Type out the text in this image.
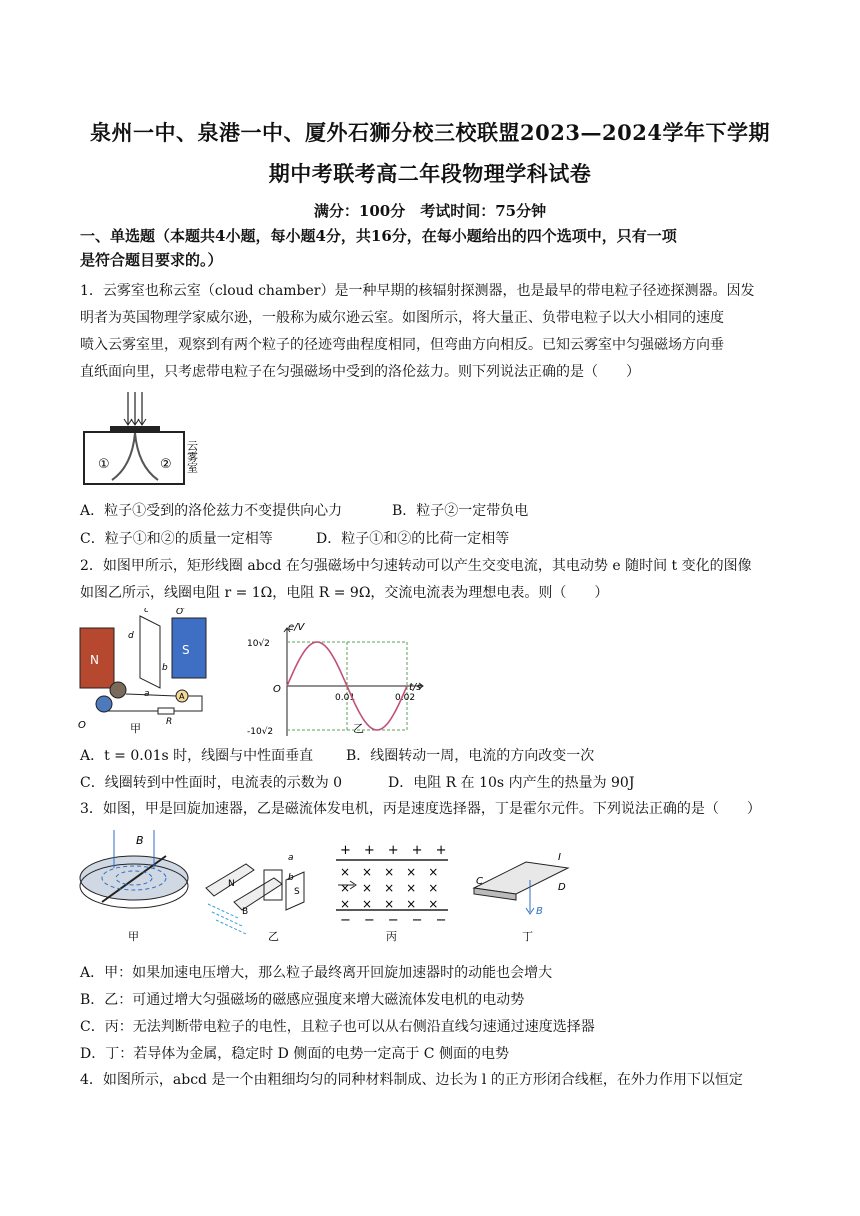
泉州一中、泉港一中、厦外石狮分校三校联盟2023—2024学年下学期
期中考联考高二年段物理学科试卷
满分：100分　考试时间：75分钟
一、单选题（本题共4小题，每小题4分，共16分，在每小题给出的四个选项中，只有一项
是符合题目要求的。）
1．云雾室也称云室（cloud chamber）是一种早期的核辐射探测器，也是最早的带电粒子径迹探测器。因发
明者为英国物理学家威尔逊，一般称为威尔逊云室。如图所示，将大量正、负带电粒子以大小相同的速度
喷入云雾室里，观察到有两个粒子的径迹弯曲程度相同，但弯曲方向相反。已知云雾室中匀强磁场方向垂
直纸面向里，只考虑带电粒子在匀强磁场中受到的洛伦兹力。则下列说法正确的是（　　）
①	② 云雾室
A．粒子①受到的洛伦兹力不变提供向心力	B．粒子②一定带负电
C．粒子①和②的质量一定相等	D．粒子①和②的比荷一定相等
2．如图甲所示，矩形线圈 abcd 在匀强磁场中匀速转动可以产生交变电流，其电动势 e 随时间 t 变化的图像
如图乙所示，线圈电阻 r = 1Ω，电阻 R = 9Ω，交流电流表为理想电表。则（　　）
N
S
c
d
b
a
O′
A
R
O	甲
e/V
t/s
O
乙
10√2
-10√2
0.01	0.02
A．t = 0.01s 时，线圈与中性面垂直 B．线圈转动一周，电流的方向改变一次
C．线圈转到中性面时，电流表的示数为 0	D．电阻 R 在 10s 内产生的热量为 90J
3．如图，甲是回旋加速器，乙是磁流体发电机，丙是速度选择器，丁是霍尔元件。下列说法正确的是（　　）
B
甲
a
b
N
B
S
乙
+　+　+　+　+
×　×　×　×　×
×　×　×　×　×
×　×　×　×　×
−　−　−　−　−
丙
I
C
D
B
丁
A．甲：如果加速电压增大，那么粒子最终离开回旋加速器时的动能也会增大
B．乙：可通过增大匀强磁场的磁感应强度来增大磁流体发电机的电动势
C．丙：无法判断带电粒子的电性，且粒子也可以从右侧沿直线匀速通过速度选择器
D．丁：若导体为金属，稳定时 D 侧面的电势一定高于 C 侧面的电势
4．如图所示，abcd 是一个由粗细均匀的同种材料制成、边长为 l 的正方形闭合线框，在外力作用下以恒定
